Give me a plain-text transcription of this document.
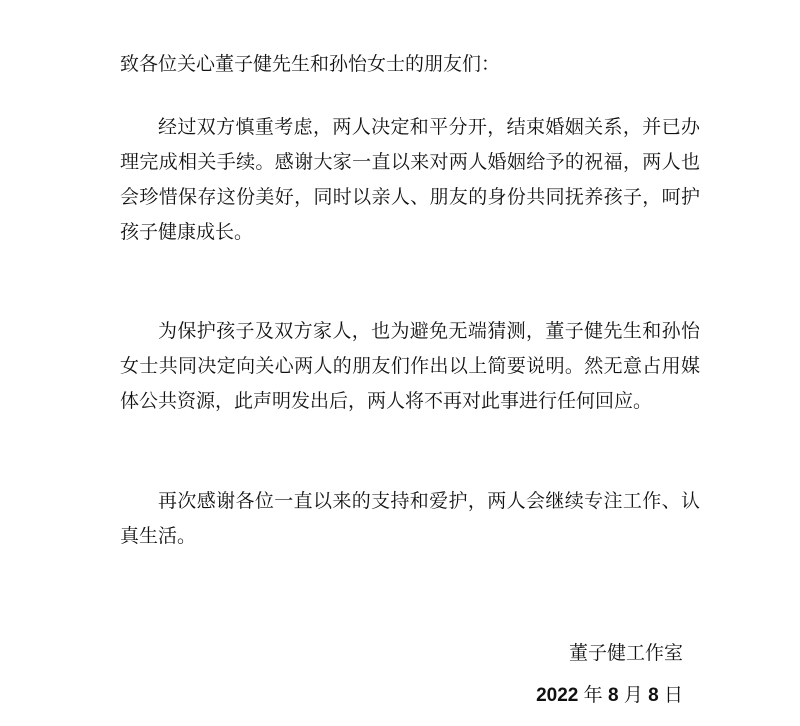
致各位关心董子健先生和孙怡女士的朋友们：

经过双方慎重考虑，两人决定和平分开，结束婚姻关系，并已办理完成相关手续。感谢大家一直以来对两人婚姻给予的祝福，两人也会珍惜保存这份美好，同时以亲人、朋友的身份共同抚养孩子，呵护孩子健康成长。

为保护孩子及双方家人，也为避免无端猜测，董子健先生和孙怡女士共同决定向关心两人的朋友们作出以上简要说明。然无意占用媒体公共资源，此声明发出后，两人将不再对此事进行任何回应。

再次感谢各位一直以来的支持和爱护，两人会继续专注工作、认真生活。

董子健工作室

2022 年 8 月 8 日
